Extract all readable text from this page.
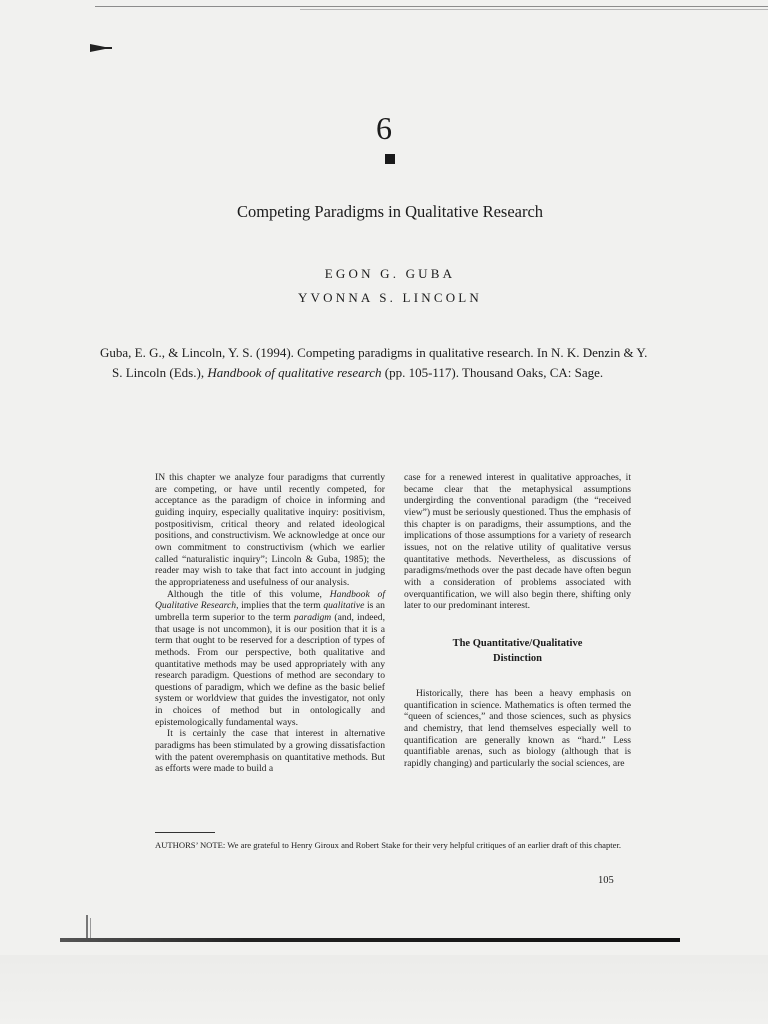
6
Competing Paradigms in Qualitative Research
EGON G. GUBA
YVONNA S. LINCOLN
Guba, E. G., & Lincoln, Y. S. (1994). Competing paradigms in qualitative research. In N. K. Denzin & Y.
S. Lincoln (Eds.), Handbook of qualitative research (pp. 105-117). Thousand Oaks, CA: Sage.

IN this chapter we analyze four paradigms that currently are competing, or have until recently competed, for acceptance as the paradigm of choice in informing and guiding inquiry, especially qualitative inquiry: positivism, postpositivism, critical theory and related ideological positions, and constructivism. We acknowledge at once our own commitment to constructivism (which we earlier called “naturalistic inquiry”; Lincoln & Guba, 1985); the reader may wish to take that fact into account in judging the appropriateness and usefulness of our analysis.

Although the title of this volume, Handbook of Qualitative Research, implies that the term qualitative is an umbrella term superior to the term paradigm (and, indeed, that usage is not uncommon), it is our position that it is a term that ought to be reserved for a description of types of methods. From our perspective, both qualitative and quantitative methods may be used appropriately with any research paradigm. Questions of method are secondary to questions of paradigm, which we define as the basic belief system or worldview that guides the investigator, not only in choices of method but in ontologically and epistemologically fundamental ways.

It is certainly the case that interest in alternative paradigms has been stimulated by a growing dissatisfaction with the patent overemphasis on quantitative methods. But as efforts were made to build a

case for a renewed interest in qualitative approaches, it became clear that the metaphysical assumptions undergirding the conventional paradigm (the “received view”) must be seriously questioned. Thus the emphasis of this chapter is on paradigms, their assumptions, and the implications of those assumptions for a variety of research issues, not on the relative utility of qualitative versus quantitative methods. Nevertheless, as discussions of paradigms/methods over the past decade have often begun with a consideration of problems associated with overquantification, we will also begin there, shifting only later to our predominant interest.

The Quantitative/Qualitative
Distinction

Historically, there has been a heavy emphasis on quantification in science. Mathematics is often termed the “queen of sciences,” and those sciences, such as physics and chemistry, that lend themselves especially well to quantification are generally known as “hard.” Less quantifiable arenas, such as biology (although that is rapidly changing) and particularly the social sciences, are

AUTHORS’ NOTE: We are grateful to Henry Giroux and Robert Stake for their very helpful critiques of an earlier draft of this chapter.
105
